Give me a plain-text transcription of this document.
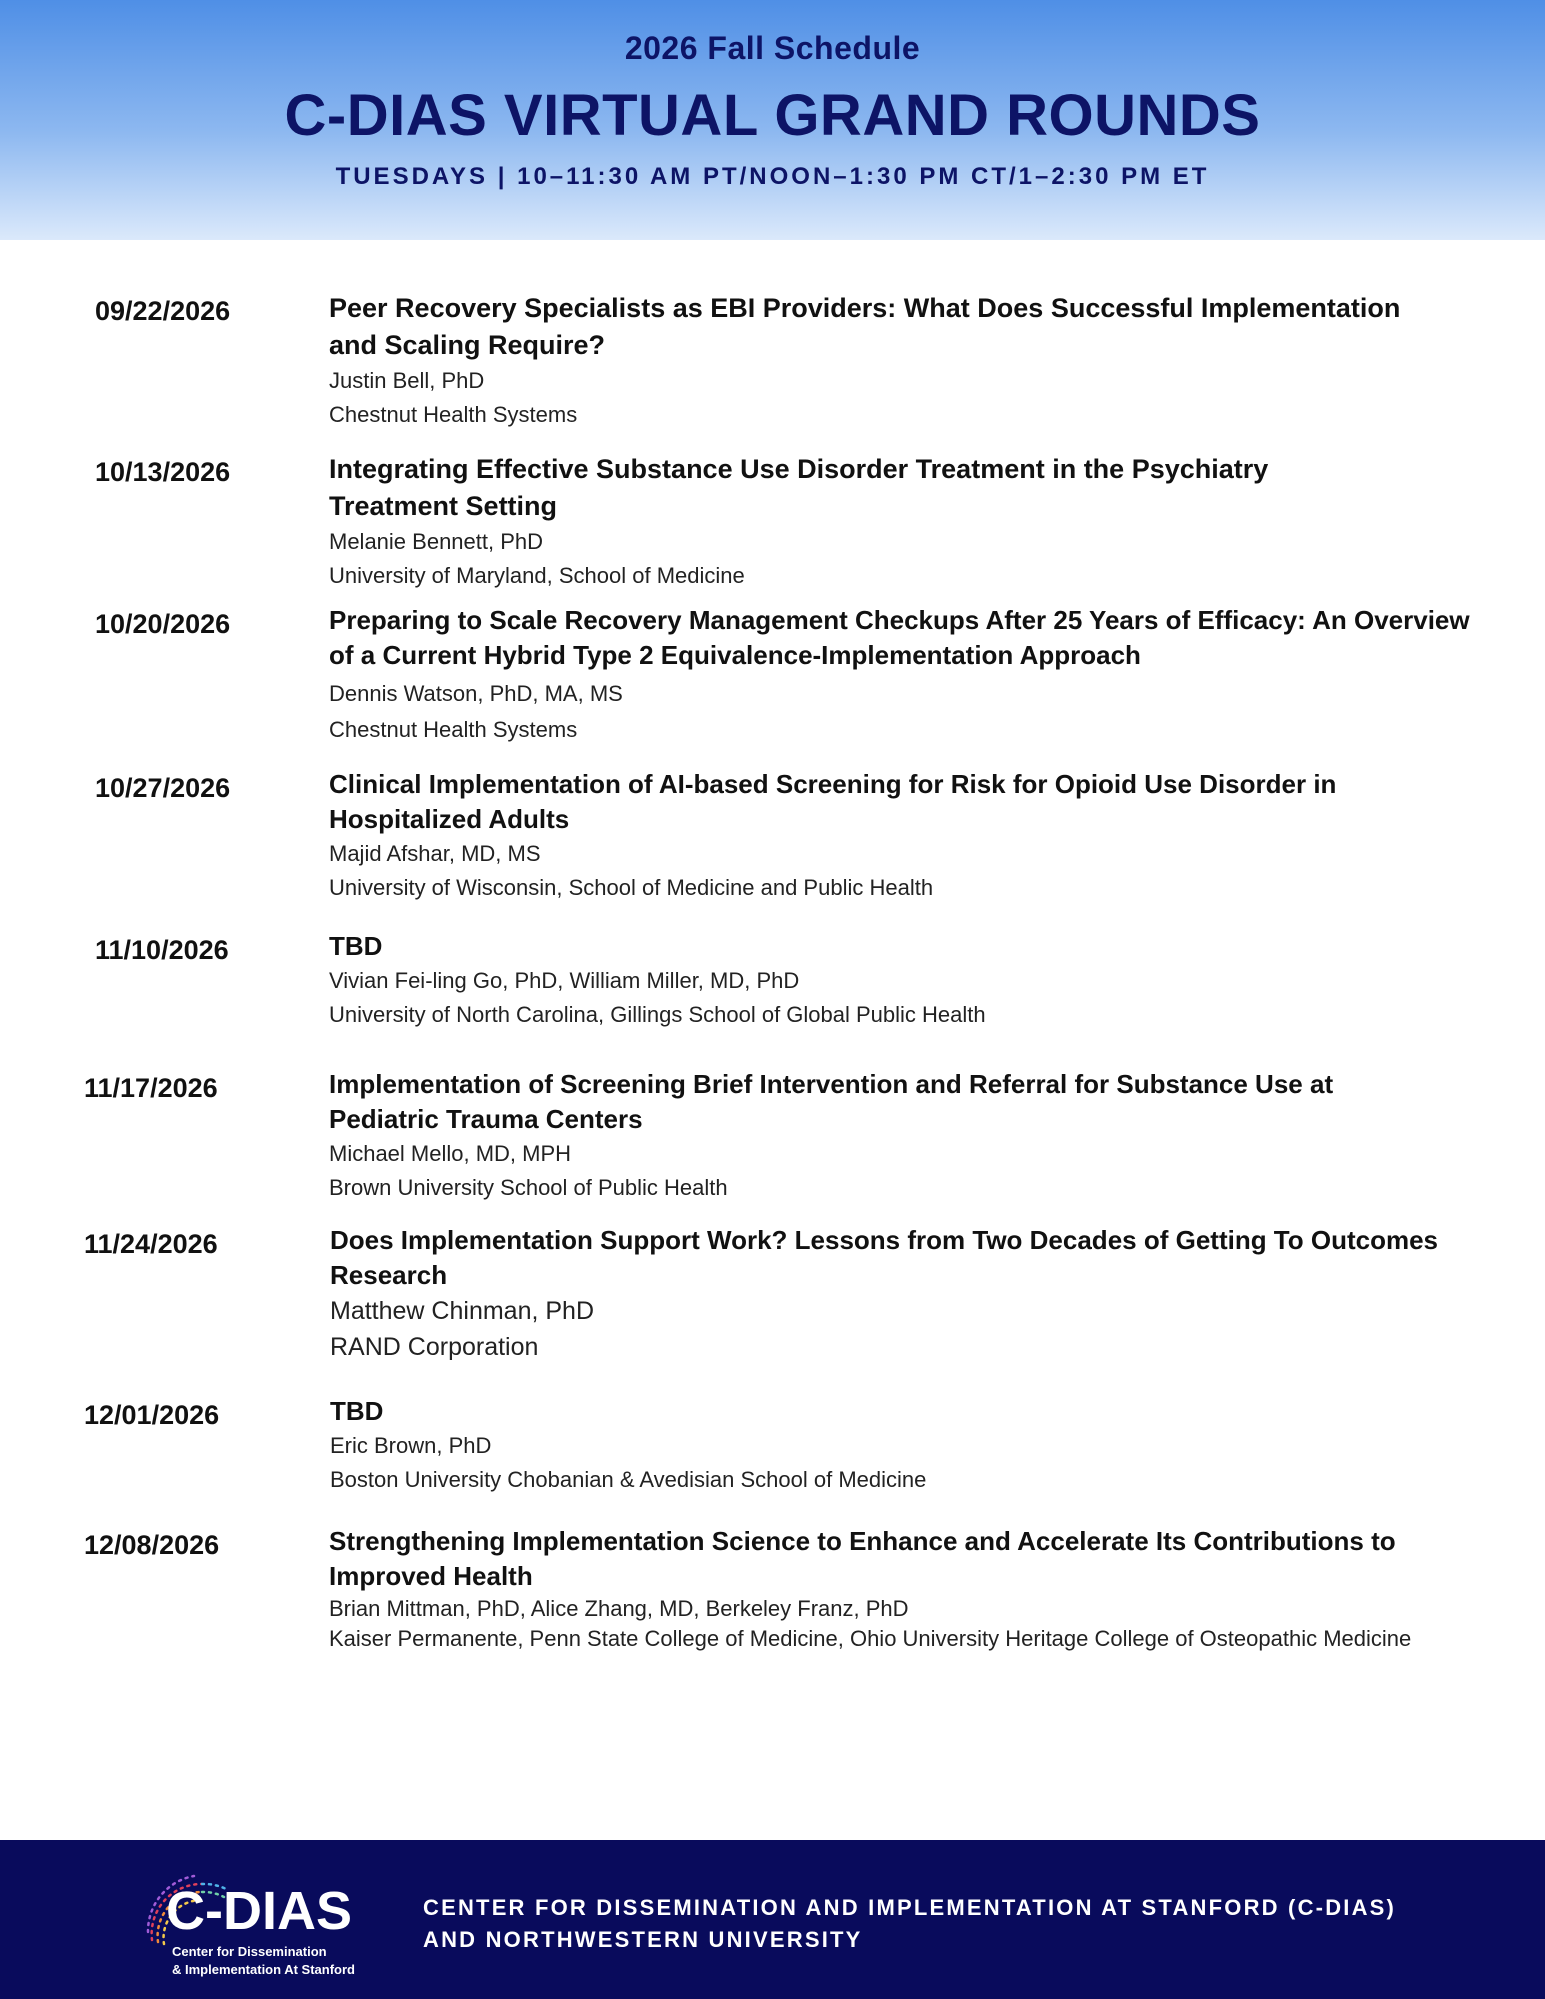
2026 Fall Schedule
C-DIAS VIRTUAL GRAND ROUNDS
TUESDAYS | 10–11:30 AM PT/NOON–1:30 PM CT/1–2:30 PM ET
09/22/2026	Peer Recovery Specialists as EBI Providers: What Does Successful Implementation
and Scaling Require?
Justin Bell, PhD
Chestnut Health Systems
10/13/2026	Integrating Effective Substance Use Disorder Treatment in the Psychiatry
Treatment Setting
Melanie Bennett, PhD
University of Maryland, School of Medicine
10/20/2026	Preparing to Scale Recovery Management Checkups After 25 Years of Efficacy: An Overview
of a Current Hybrid Type 2 Equivalence-Implementation Approach
Dennis Watson, PhD, MA, MS
Chestnut Health Systems
10/27/2026	Clinical Implementation of AI-based Screening for Risk for Opioid Use Disorder in
Hospitalized Adults
Majid Afshar, MD, MS
University of Wisconsin, School of Medicine and Public Health
11/10/2026	TBD
Vivian Fei-ling Go, PhD, William Miller, MD, PhD
University of North Carolina, Gillings School of Global Public Health
11/17/2026	Implementation of Screening Brief Intervention and Referral for Substance Use at
Pediatric Trauma Centers
Michael Mello, MD, MPH
Brown University School of Public Health
11/24/2026	Does Implementation Support Work? Lessons from Two Decades of Getting To Outcomes
Research
Matthew Chinman, PhD
RAND Corporation
12/01/2026	TBD
Eric Brown, PhD
Boston University Chobanian & Avedisian School of Medicine
12/08/2026	Strengthening Implementation Science to Enhance and Accelerate Its Contributions to
Improved Health
Brian Mittman, PhD, Alice Zhang, MD, Berkeley Franz, PhD
Kaiser Permanente, Penn State College of Medicine, Ohio University Heritage College of Osteopathic Medicine
C-DIAS
Center for Dissemination
& Implementation At Stanford
CENTER FOR DISSEMINATION AND IMPLEMENTATION AT STANFORD (C-DIAS)
AND NORTHWESTERN UNIVERSITY
